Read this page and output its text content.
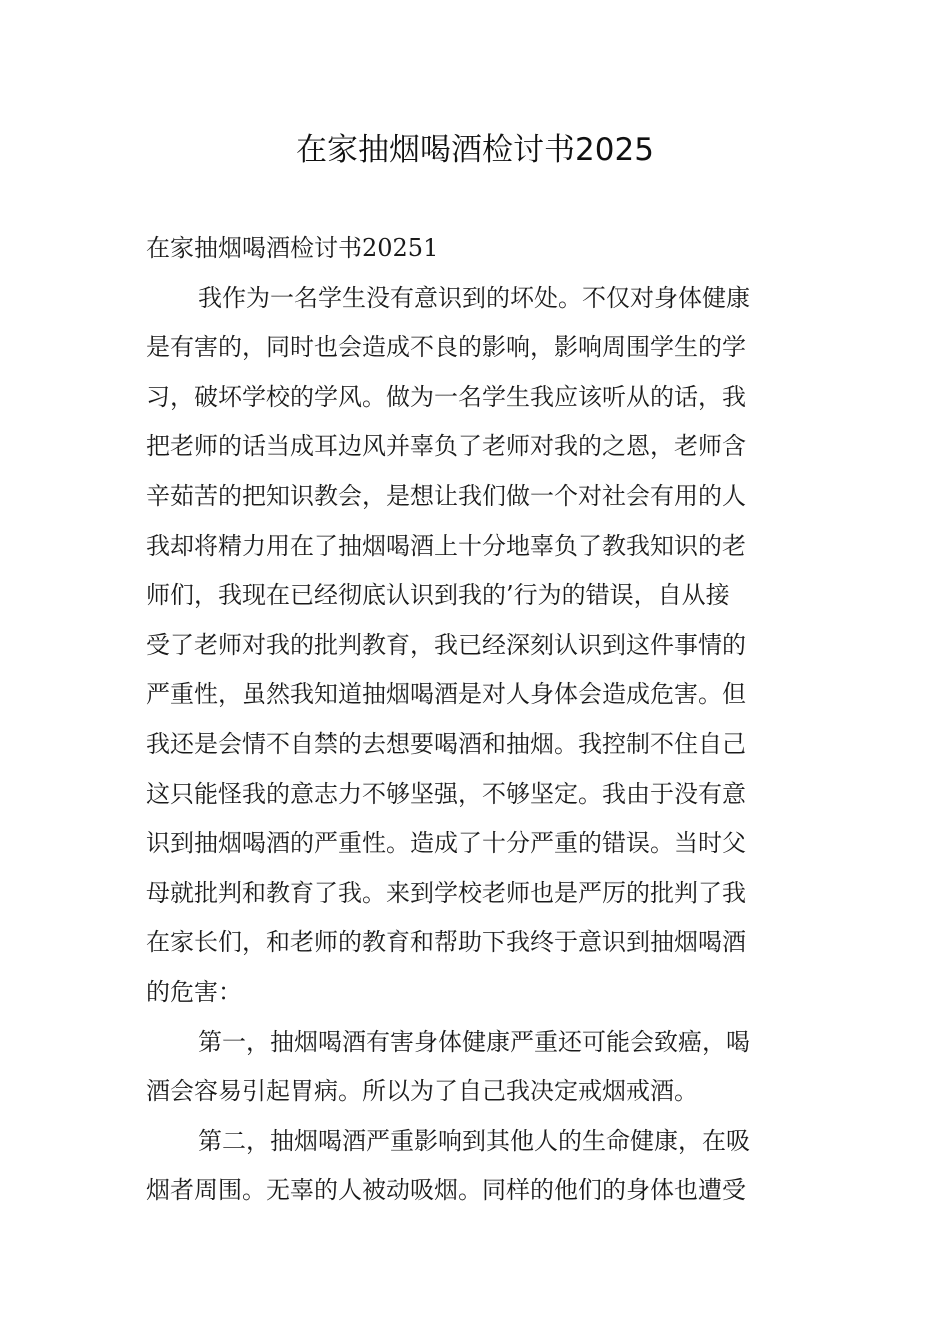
在家抽烟喝酒检讨书2025

在家抽烟喝酒检讨书20251

我作为一名学生没有意识到的坏处。不仅对身体健康
是有害的，同时也会造成不良的影响，影响周围学生的学
习，破坏学校的学风。做为一名学生我应该听从的话，我
把老师的话当成耳边风并辜负了老师对我的之恩，老师含
辛茹苦的把知识教会，是想让我们做一个对社会有用的人
我却将精力用在了抽烟喝酒上十分地辜负了教我知识的老
师们，我现在已经彻底认识到我的’行为的错误，自从接
受了老师对我的批判教育，我已经深刻认识到这件事情的
严重性，虽然我知道抽烟喝酒是对人身体会造成危害。但
我还是会情不自禁的去想要喝酒和抽烟。我控制不住自己
这只能怪我的意志力不够坚强，不够坚定。我由于没有意
识到抽烟喝酒的严重性。造成了十分严重的错误。当时父
母就批判和教育了我。来到学校老师也是严厉的批判了我
在家长们，和老师的教育和帮助下我终于意识到抽烟喝酒
的危害：
第一，抽烟喝酒有害身体健康严重还可能会致癌，喝
酒会容易引起胃病。所以为了自己我决定戒烟戒酒。
第二，抽烟喝酒严重影响到其他人的生命健康，在吸
烟者周围。无辜的人被动吸烟。同样的他们的身体也遭受
